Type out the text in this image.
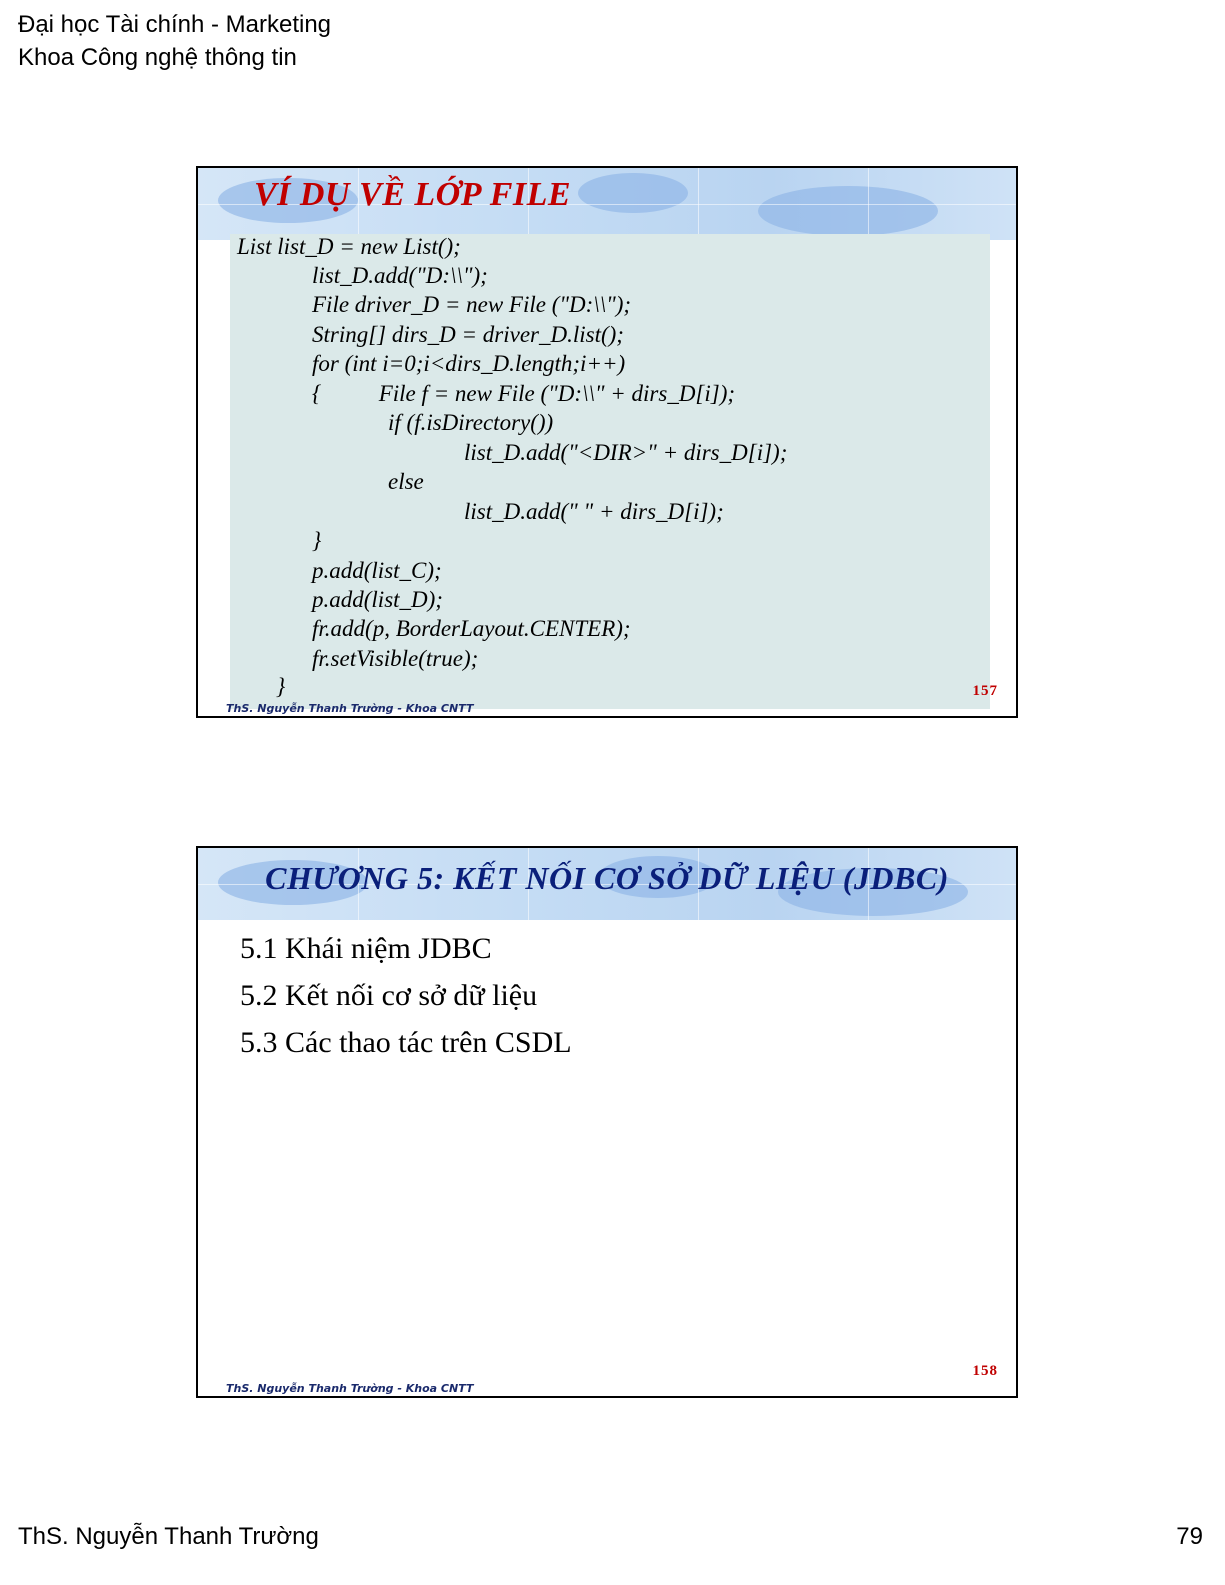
Đại học Tài chính - Marketing
Khoa Công nghệ thông tin
VÍ DỤ VỀ LỚP FILE
List list_D = new List();
list_D.add("D:\\");
File driver_D = new File ("D:\\");
String[] dirs_D = driver_D.list();
for (int i=0;i<dirs_D.length;i++)
{          File f = new File ("D:\\" + dirs_D[i]);
if (f.isDirectory())
list_D.add("<DIR>" + dirs_D[i]);
else
list_D.add(" " + dirs_D[i]);
}
p.add(list_C);
p.add(list_D);
fr.add(p, BorderLayout.CENTER);
fr.setVisible(true);
}	157
ThS. Nguyễn Thanh Trường - Khoa CNTT
CHƯƠNG 5: KẾT NỐI CƠ SỞ DỮ LIỆU (JDBC)
5.1 Khái niệm JDBC
5.2 Kết nối cơ sở dữ liệu
5.3 Các thao tác trên CSDL
158
ThS. Nguyễn Thanh Trường - Khoa CNTT
ThS. Nguyễn Thanh Trường	79
